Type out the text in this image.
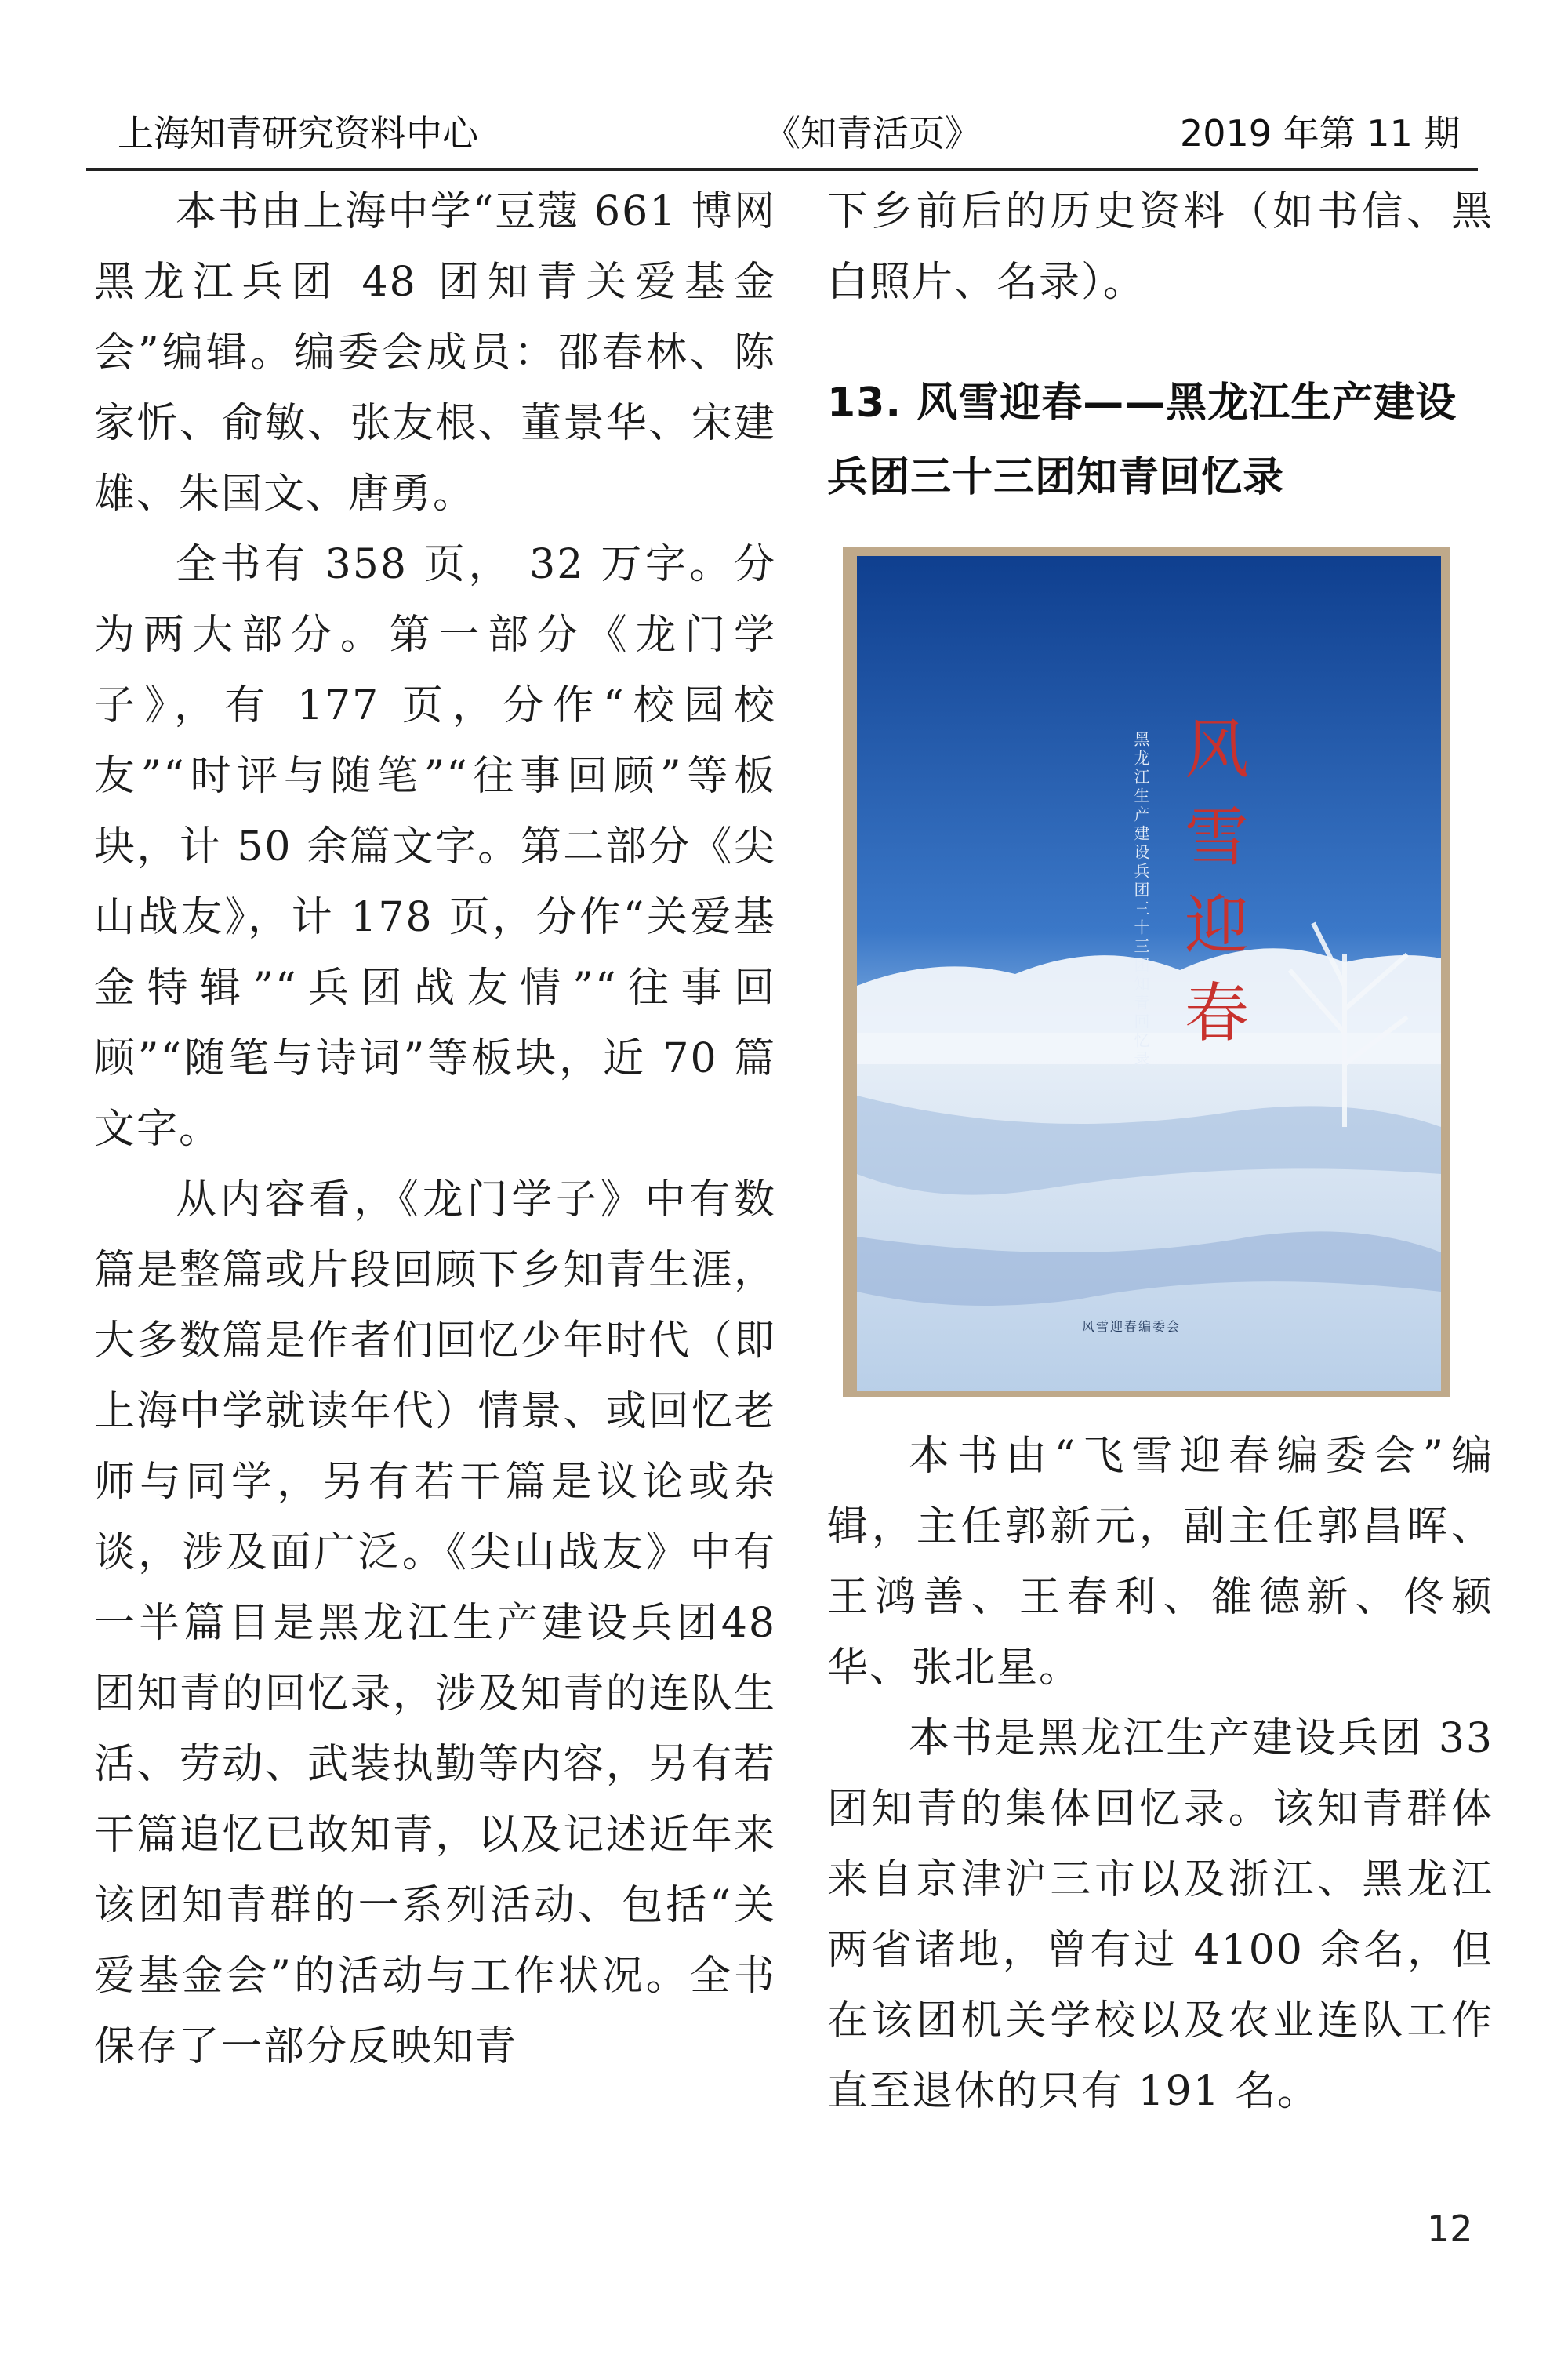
上海知青研究资料中心	《知青活页》	2019 年第 11 期

本书由上海中学“豆蔻 661 博网 黑龙江兵团 48 团知青关爱基金会”编辑。编委会成员：邵春林、陈家忻、俞敏、张友根、董景华、宋建雄、朱国文、唐勇。

全书有 358 页， 32 万字。分为两大部分。第一部分《龙门学子》，有 177 页，分作“校园校友”“时评与随笔”“往事回顾”等板块，计 50 余篇文字。第二部分《尖山战友》，计 178 页，分作“关爱基金特辑”“兵团战友情”“往事回顾”“随笔与诗词”等板块，近 70 篇文字。

从内容看，《龙门学子》中有数篇是整篇或片段回顾下乡知青生涯，大多数篇是作者们回忆少年时代（即上海中学就读年代）情景、或回忆老师与同学，另有若干篇是议论或杂谈，涉及面广泛。《尖山战友》中有一半篇目是黑龙江生产建设兵团48团知青的回忆录，涉及知青的连队生活、劳动、武装执勤等内容，另有若干篇追忆已故知青，以及记述近年来该团知青群的一系列活动、包括“关爱基金会”的活动与工作状况。全书保存了一部分反映知青

下乡前后的历史资料（如书信、黑白照片、名录）。

13. 风雪迎春——黑龙江生产建设兵团三十三团知青回忆录
风雪迎春
黑龙江生产建设兵团三十三团知青回忆录
风雪迎春编委会

本书由“飞雪迎春编委会”编辑，主任郭新元，副主任郭昌晖、王鸿善、王春利、雒德新、佟颍华、张北星。

本书是黑龙江生产建设兵团 33 团知青的集体回忆录。该知青群体来自京津沪三市以及浙江、黑龙江两省诸地，曾有过 4100 余名，但在该团机关学校以及农业连队工作直至退休的只有 191 名。

12
